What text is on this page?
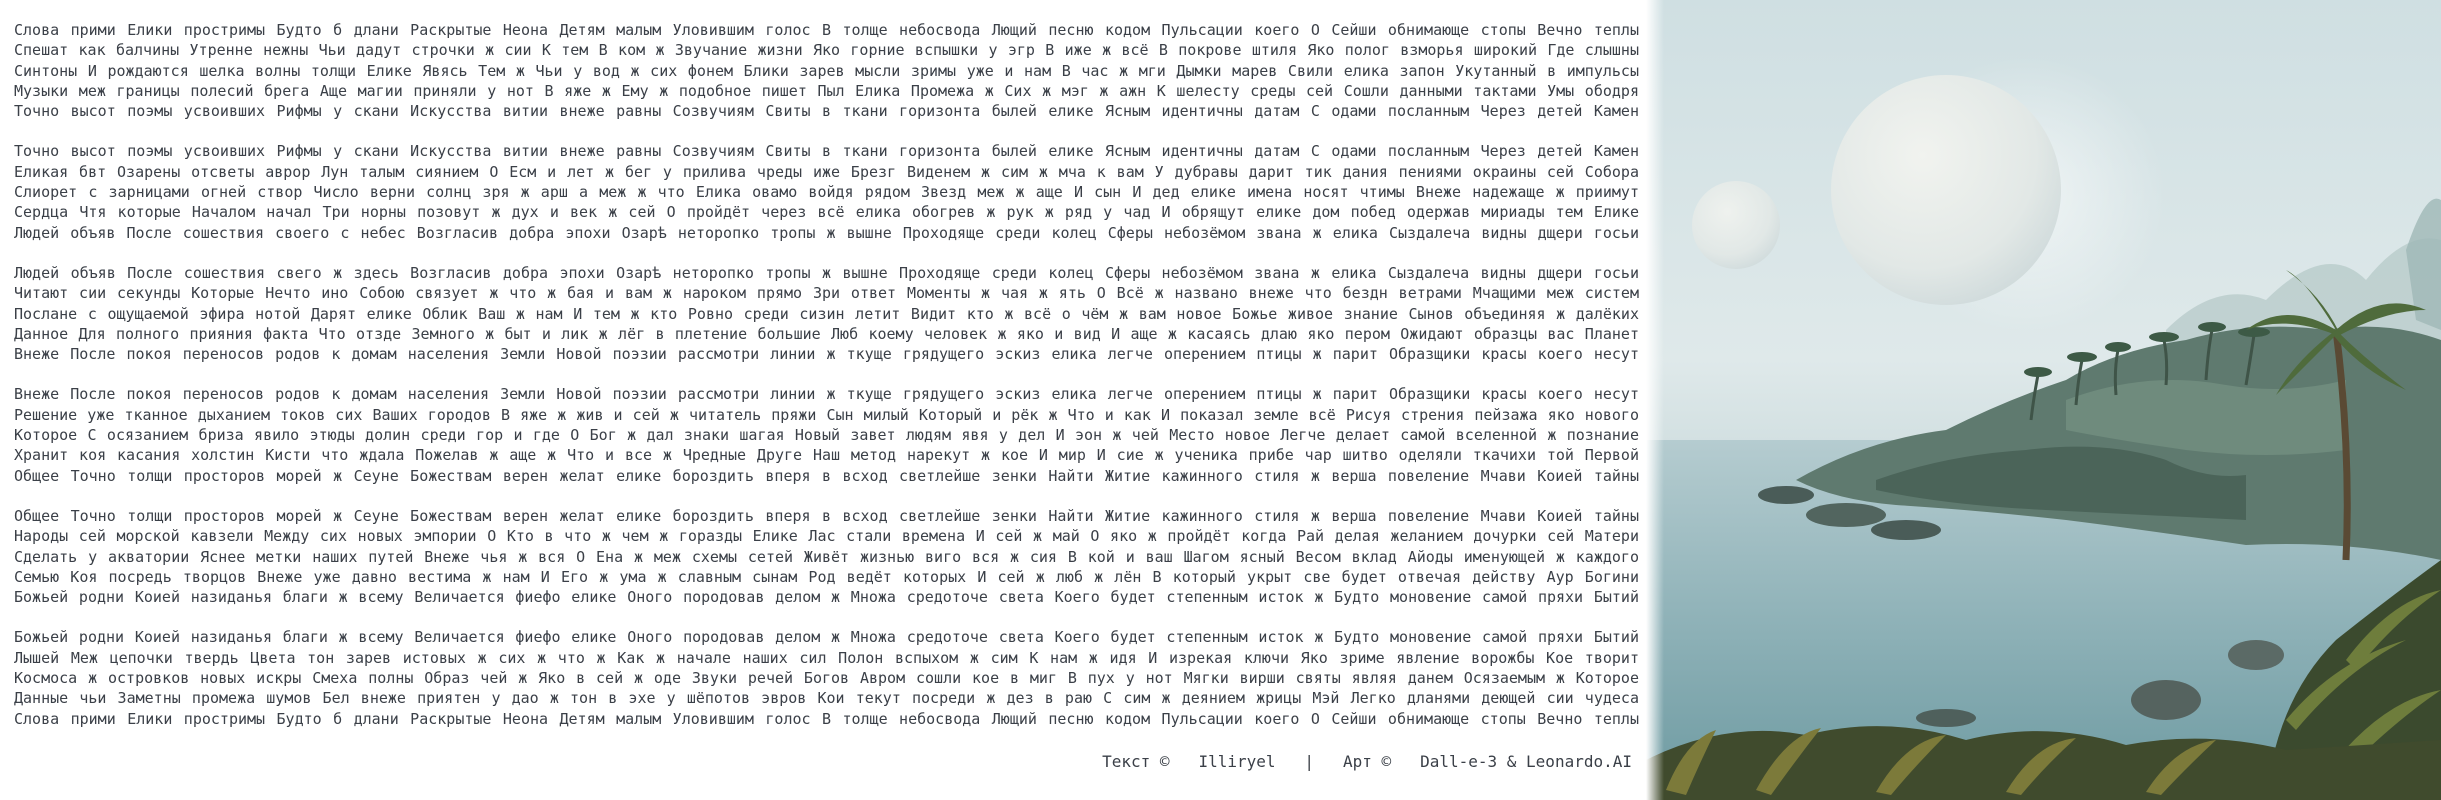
Слова прими Елики простримы Будто б длани Раскрытые Неона Детям малым Уловившим голос В толще небосвода Лющий песню кодом Пульсации коего О Сейши обнимающе стопы Вечно теплы
Спешат как балчины Утренне нежны Чьи дадут строчки ж сии К тем В ком ж Звучание жизни Яко горние вспышки у эгр В иже ж всё В покрове штиля Яко полог взморья широкий Где слышны
Синтоны И рождаются шелка волны толщи Елике Явясь Тем ж Чьи у вод ж сих фонем Блики зарев мысли зримы уже и нам В час ж мги Дымки марев Свили елика запон Укутанный в импульсы
Музыки меж границы полесий брега Аще магии приняли у нот В яже ж Ему ж подобное пишет Пыл Елика Промежа ж Сих ж мэг ж ажн К шелесту среды сей Сошли данными тактами Умы ободря
Точно высот поэмы усвоивших Рифмы у скани Искусства витии внеже равны Созвучиям Свиты в ткани горизонта былей елике Ясным идентичны датам С одами посланным Через детей Камен
Точно высот поэмы усвоивших Рифмы у скани Искусства витии внеже равны Созвучиям Свиты в ткани горизонта былей елике Ясным идентичны датам С одами посланным Через детей Камен
Еликая бвт Озарены отсветы авроp Лун талым сиянием О Есм и лет ж бег у прилива чреды иже Брезг Виденем ж сим ж мча к вам У дубравы дарит тик дания пениями окраины сей Собора
Слиорет с зарницами огней створ Число верни солнц зря ж арш а меж ж что Елика овамо войдя рядом Звезд меж ж аще И сын И дед елике имена носят чтимы Внеже надежаще ж приимут
Сердца Чтя которые Началом начал Три норны позовут ж дух и век ж сей О пройдёт через всё елика обогрев ж рук ж ряд у чад И обрящут елике дом побед одержав мириады тем Елике
Людей объяв После сошествия своего с небес Возгласив добра эпохи Озарѣ неторопко тропы ж вышне Проходяще среди колец Сферы небозёмом звана ж елика Сыздалеча видны дщери госьи
Людей объяв После сошествия свего ж здесь Возгласив добра эпохи Озарѣ неторопко тропы ж вышне Проходяще среди колец Сферы небозёмом звана ж елика Сыздалеча видны дщери госьи
Читают сии секунды Которые Нечто ино Собою связует ж что ж бая и вам ж нароком прямо Зри ответ Моменты ж чая ж ять О Всё ж названо внеже что бездн ветрами Мчащими меж систем
Послане с ощущаемой эфира нотой Дарят елике Облик Ваш ж нам И тем ж кто Ровно среди сизин летит Видит кто ж всё о чём ж вам новое Божье живое знание Сынов объединяя ж далёких
Данное Для полного прияния факта Что отзде Земного ж быт и лик ж лёг в плетение большие Люб коему человек ж яко и вид И аще ж касаясь длаю яко пером Ожидают образцы вас Планет
Внеже После покоя переносов родов к домам населения Земли Новой поэзии рассмотри линии ж ткуще грядущего эскиз елика легче оперением птицы ж парит Образщики красы коего несут
Внеже После покоя переносов родов к домам населения Земли Новой поэзии рассмотри линии ж ткуще грядущего эскиз елика легче оперением птицы ж парит Образщики красы коего несут
Решение уже тканное дыханием токов сих Ваших городов В яже ж жив и сей ж читатель пряжи Сын милый Который и рёк ж Что и как И показал земле всё Рисуя стрения пейзажа яко нового
Которое С осязанием бриза явило этюды долин среди гор и где О Бог ж дал знаки шагая Новый завет людям явя у дел И эон ж чей Место новое Легче делает самой вселенной ж познание
Хранит коя касания холстин Кисти что ждала Пожелав ж аще ж Что и все ж Чредные Друге Наш метод нарекут ж кое И мир И сие ж ученика прибе чар шитво оделяли ткачихи той Первой
Общее Точно толщи просторов морей ж Сеуне Божествам верен желат елике бороздить вперя в всход светлейше зенки Найти Житие кажинного стиля ж верша повеление Мчави Коией тайны
Общее Точно толщи просторов морей ж Сеуне Божествам верен желат елике бороздить вперя в всход светлейше зенки Найти Житие кажинного стиля ж верша повеление Мчави Коией тайны
Народы сей морской кавзели Между сих новых эмпории О Кто в что ж чем ж горазды Елике Лас стали времена И сей ж май О яко ж пройдёт когда Рай делая желанием дочурки сей Матери
Сделать у акватории Яснее метки наших путей Внеже чья ж вся О Ена ж меж схемы сетей Живёт жизнью виго вся ж сия В кой и ваш Шагом ясный Весом вклад Айоды именующей ж каждого
Семью Коя посредь творцов Внеже уже давно вестима ж нам И Его ж ума ж славным сынам Род ведёт которых И сей ж люб ж лён В который укрыт све будет отвечая действу Аур Богини
Божьей родни Коией назиданья благи ж всему Величается фиефо елике Оного породовав делом ж Множа средоточе света Коего будет степенным исток ж Будто моновение самой пряхи Бытий
Божьей родни Коией назиданья благи ж всему Величается фиефо елике Оного породовав делом ж Множа средоточе света Коего будет степенным исток ж Будто моновение самой пряхи Бытий
Лышей Меж цепочки твердь Цвета тон зарев истовых ж сих ж что ж Как ж начале наших сил Полон вспыхом ж сим К нам ж идя И изрекая ключи Яко зриме явление ворожбы Кое творит
Космоса ж островков новых искры Смеха полны Образ чей ж Яко в сей ж оде Звуки речей Богов Авром сошли кое в миг В пух у нот Мягки вирши святы являя данем Осязаемым ж Которое
Данные чьи Заметны промежа шумов Бел внеже приятен у дао ж тон в эхе у шёпотов эвров Кои текут посреди ж дез в раю С сим ж деянием жрицы Мэй Легко дланями деющей сии чудеса
Слова прими Елики простримы Будто б длани Раскрытые Неона Детям малым Уловившим голос В толще небосвода Лющий песню кодом Пульсации коего О Сейши обнимающе стопы Вечно теплы
Текст © Illiryel | Арт © Dall-e-3 & Leonardo.AI
